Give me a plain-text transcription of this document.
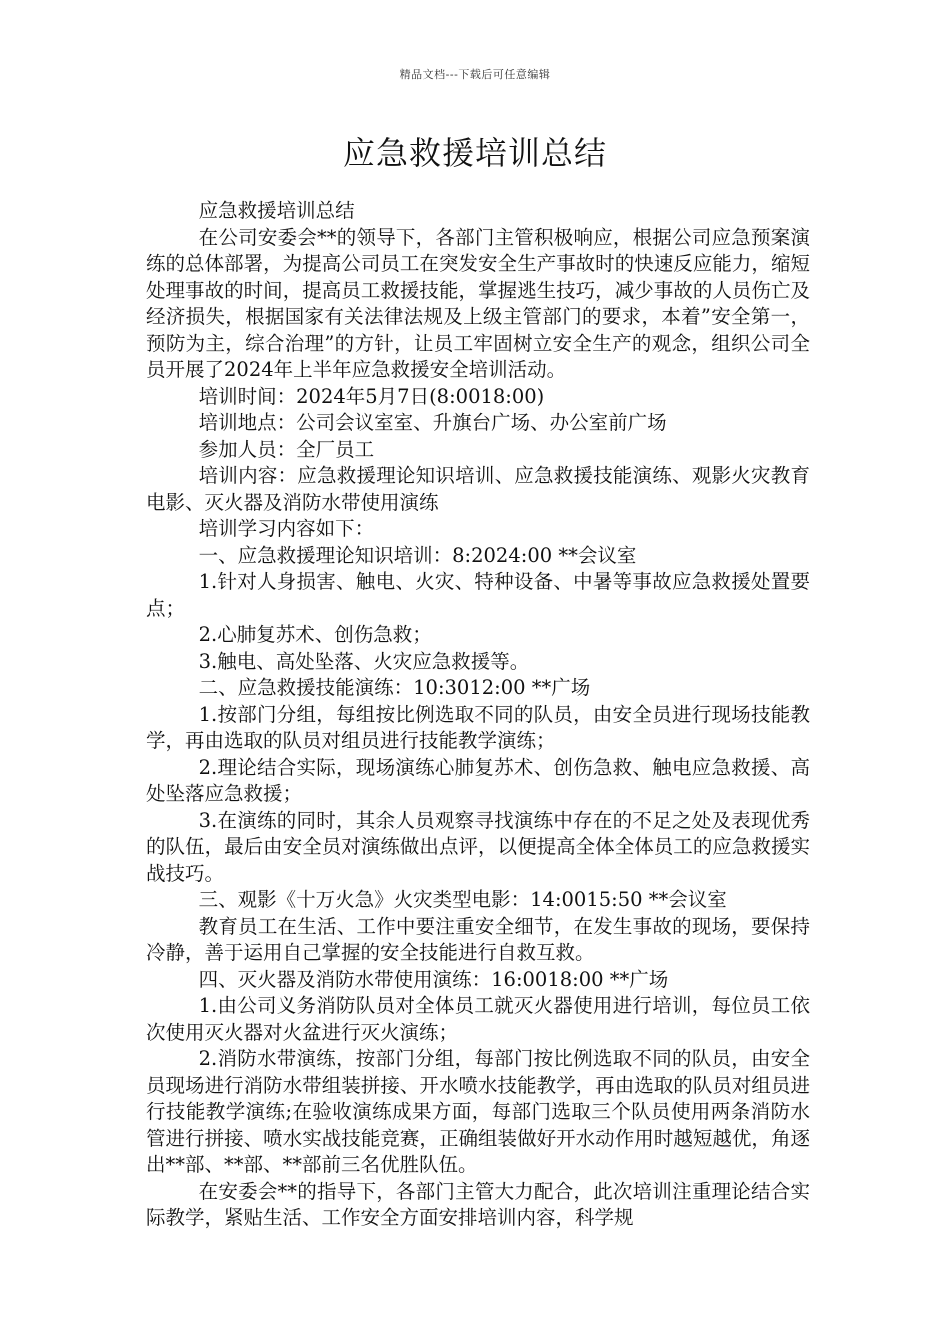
精品文档---下载后可任意编辑
应急救援培训总结

应急救援培训总结

在公司安委会**的领导下，各部门主管积极响应，根据公司应急预案演练的总体部署，为提高公司员工在突发安全生产事故时的快速反应能力，缩短处理事故的时间，提高员工救援技能，掌握逃生技巧，减少事故的人员伤亡及经济损失，根据国家有关法律法规及上级主管部门的要求，本着”安全第一，预防为主，综合治理”的方针，让员工牢固树立安全生产的观念，组织公司全员开展了2024年上半年应急救援安全培训活动。

培训时间：2024年5月7日(8:0018:00)

培训地点：公司会议室室、升旗台广场、办公室前广场

参加人员：全厂员工

培训内容：应急救援理论知识培训、应急救援技能演练、观影火灾教育电影、灭火器及消防水带使用演练

培训学习内容如下：

一、应急救援理论知识培训：8:2024:00 **会议室

1.针对人身损害、触电、火灾、特种设备、中暑等事故应急救援处置要点；

2.心肺复苏术、创伤急救；

3.触电、高处坠落、火灾应急救援等。

二、应急救援技能演练：10:3012:00 **广场

1.按部门分组，每组按比例选取不同的队员，由安全员进行现场技能教学，再由选取的队员对组员进行技能教学演练；

2.理论结合实际，现场演练心肺复苏术、创伤急救、触电应急救援、高处坠落应急救援；

3.在演练的同时，其余人员观察寻找演练中存在的不足之处及表现优秀的队伍，最后由安全员对演练做出点评，以便提高全体全体员工的应急救援实战技巧。

三、观影《十万火急》火灾类型电影：14:0015:50 **会议室

教育员工在生活、工作中要注重安全细节，在发生事故的现场，要保持冷静，善于运用自己掌握的安全技能进行自救互救。

四、灭火器及消防水带使用演练：16:0018:00 **广场

1.由公司义务消防队员对全体员工就灭火器使用进行培训，每位员工依次使用灭火器对火盆进行灭火演练；

2.消防水带演练，按部门分组，每部门按比例选取不同的队员，由安全员现场进行消防水带组装拼接、开水喷水技能教学，再由选取的队员对组员进行技能教学演练;在验收演练成果方面，每部门选取三个队员使用两条消防水管进行拼接、喷水实战技能竞赛，正确组装做好开水动作用时越短越优，角逐出**部、**部、**部前三名优胜队伍。

在安委会**的指导下，各部门主管大力配合，此次培训注重理论结合实际教学，紧贴生活、工作安全方面安排培训内容，科学规
